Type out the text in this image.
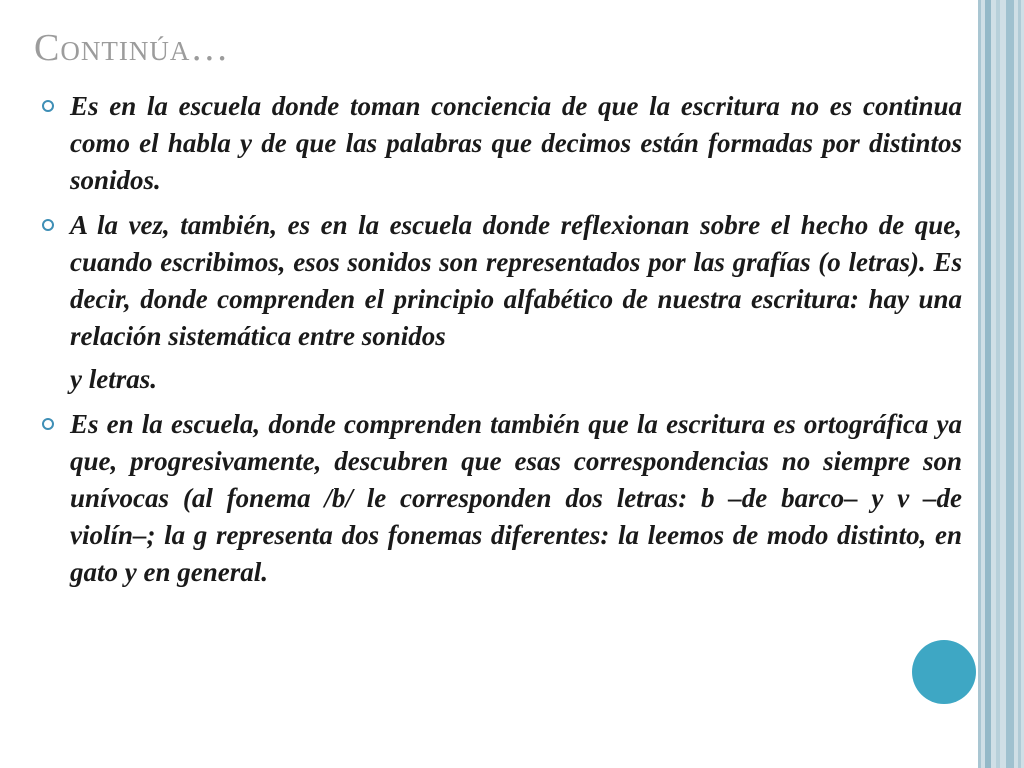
Continúa…
Es en la escuela donde toman conciencia de que la escritura no es continua como el habla y de que las palabras que decimos están formadas por distintos sonidos.
A la vez, también, es en la escuela donde reflexionan sobre el hecho de que, cuando escribimos, esos sonidos son representados por las grafías (o letras). Es decir, donde comprenden el principio alfabético de nuestra escritura: hay una relación sistemática entre sonidos
y letras.
Es en la escuela, donde comprenden también que la escritura es ortográfica ya que, progresivamente, descubren que esas correspondencias no siempre son unívocas (al fonema /b/ le corresponden dos letras: b –de barco– y v –de violín–; la g representa dos fonemas diferentes: la leemos de modo distinto, en gato y en general.
